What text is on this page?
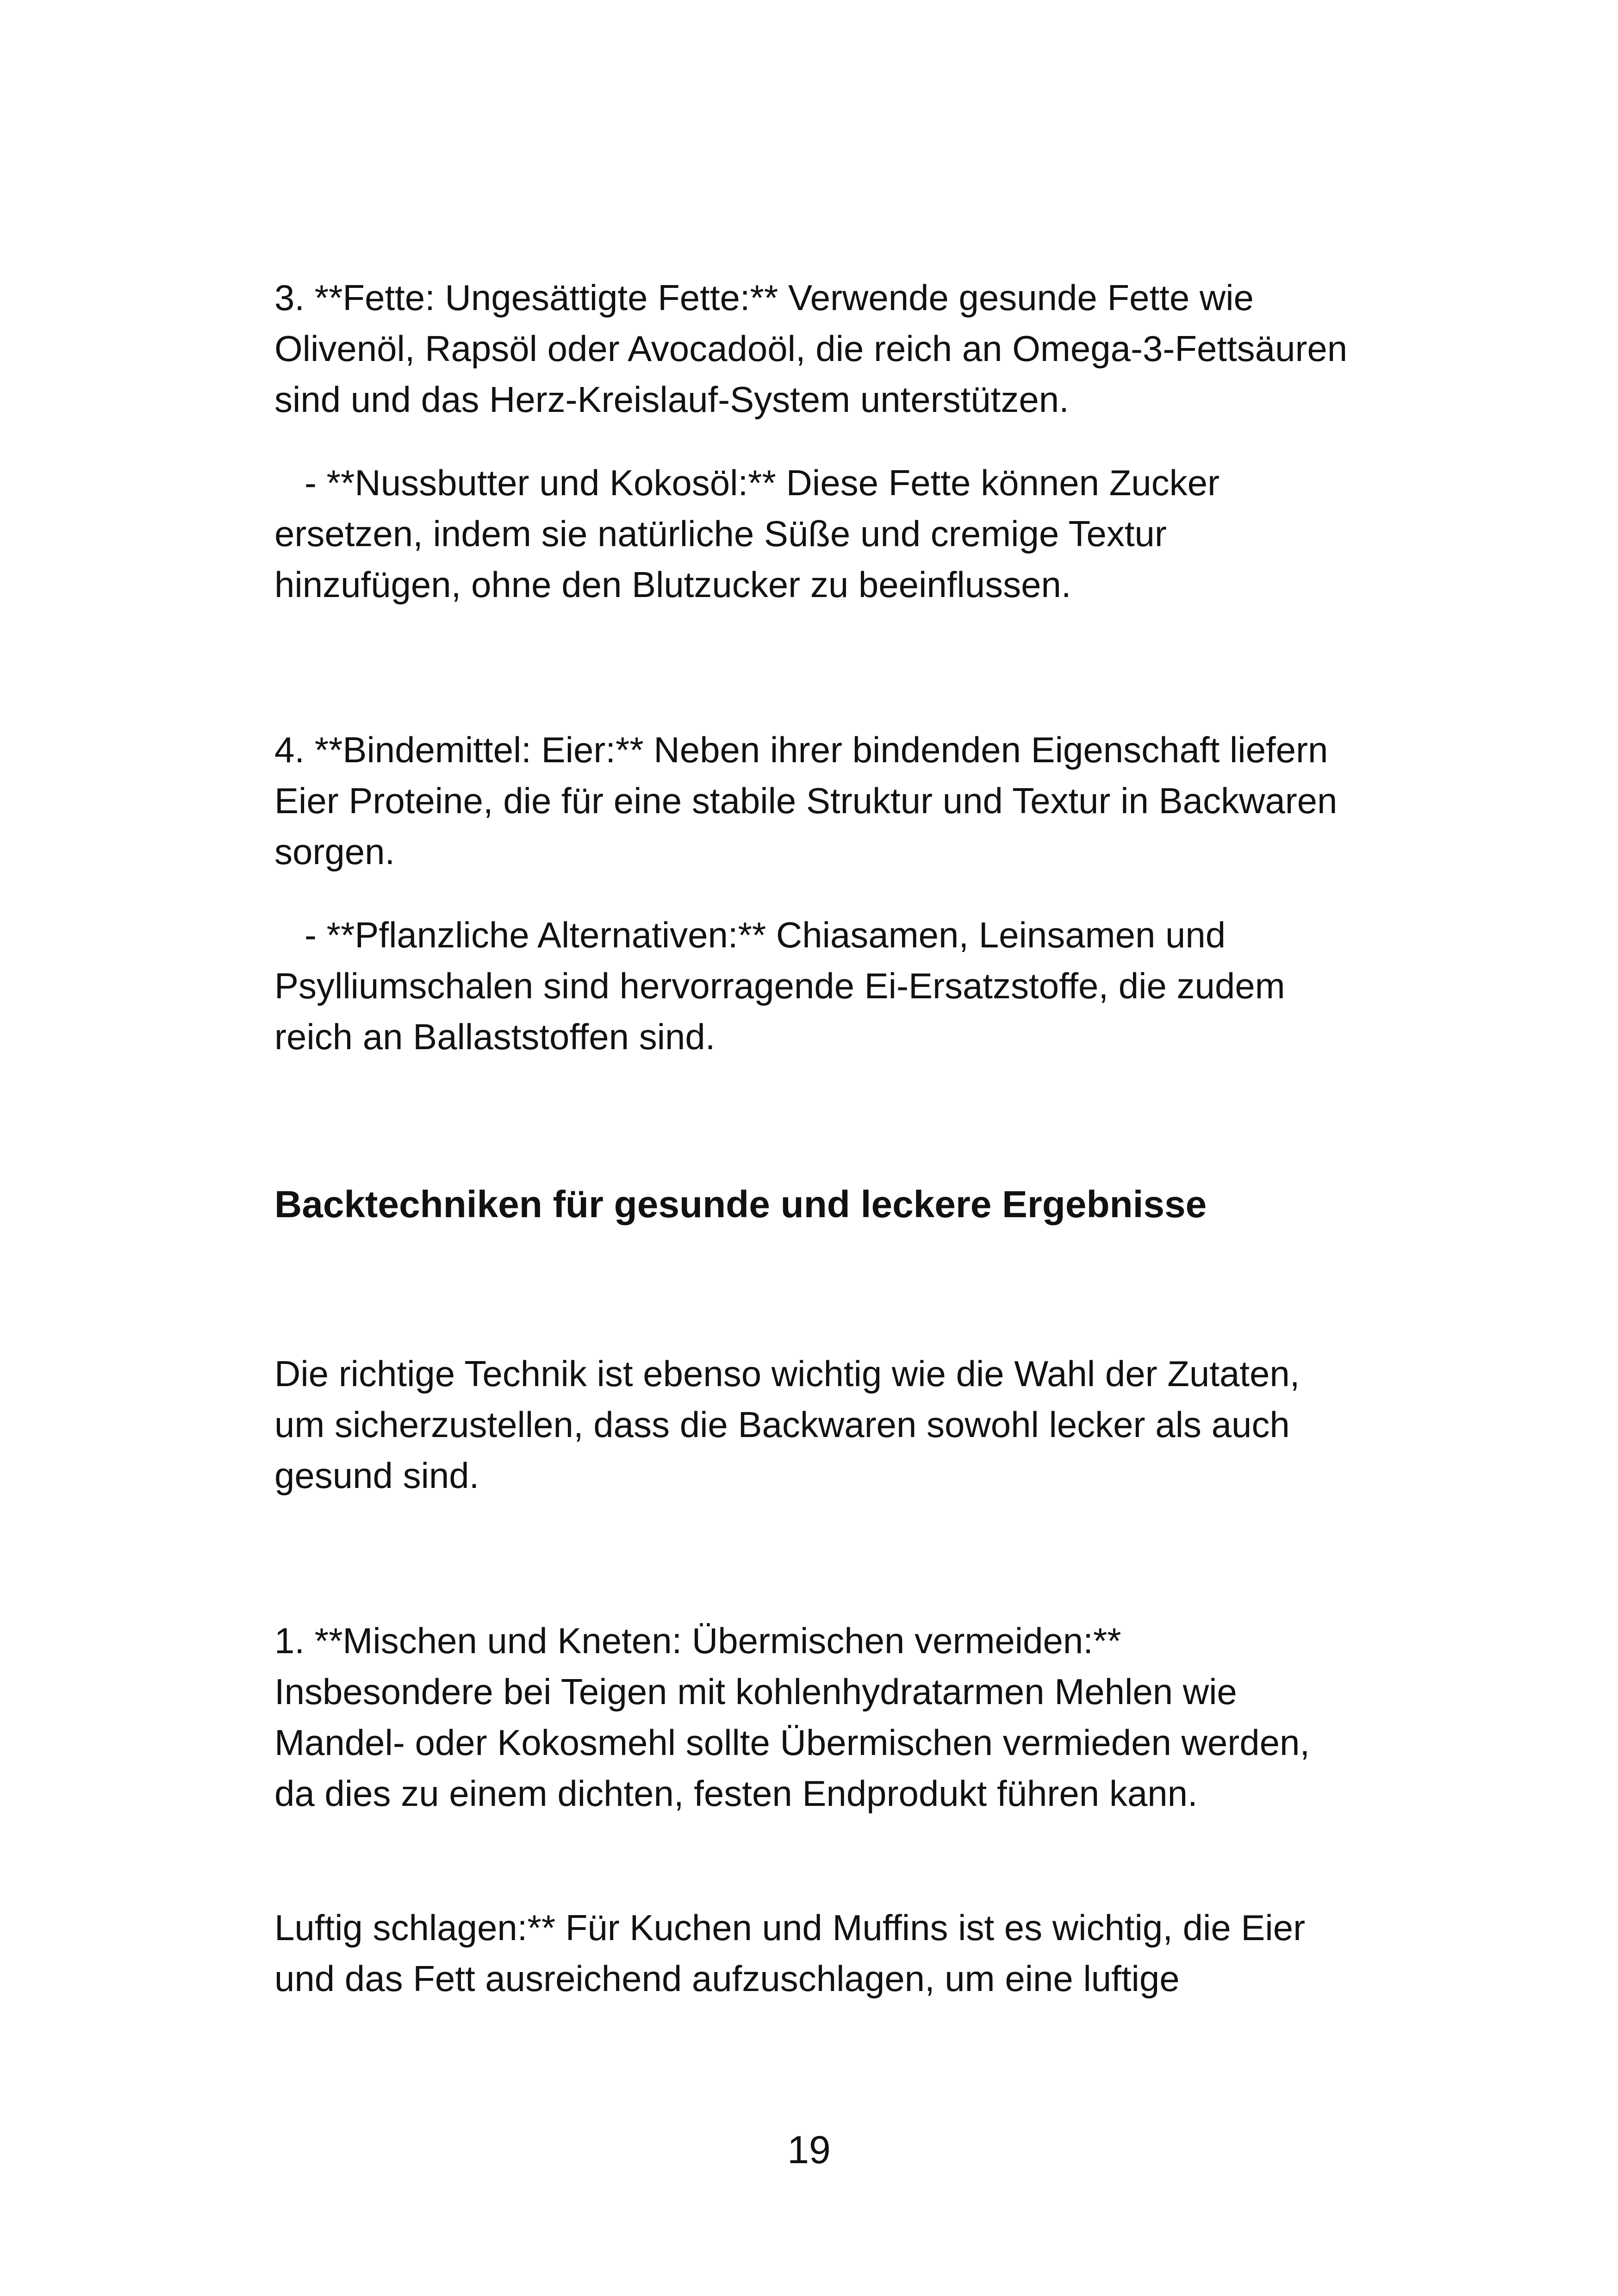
3. **Fette: Ungesättigte Fette:** Verwende gesunde Fette wie Olivenöl, Rapsöl oder Avocadoöl, die reich an Omega-3-Fettsäuren sind und das Herz-Kreislauf-System unterstützen.

- **Nussbutter und Kokosöl:** Diese Fette können Zucker ersetzen, indem sie natürliche Süße und cremige Textur hinzufügen, ohne den Blutzucker zu beeinflussen.

4. **Bindemittel: Eier:** Neben ihrer bindenden Eigenschaft liefern Eier Proteine, die für eine stabile Struktur und Textur in Backwaren sorgen.

- **Pflanzliche Alternativen:** Chiasamen, Leinsamen und Psylliumschalen sind hervorragende Ei-Ersatzstoffe, die zudem reich an Ballaststoffen sind.

Backtechniken für gesunde und leckere Ergebnisse

Die richtige Technik ist ebenso wichtig wie die Wahl der Zutaten, um sicherzustellen, dass die Backwaren sowohl lecker als auch gesund sind.

1. **Mischen und Kneten: Übermischen vermeiden:** Insbesondere bei Teigen mit kohlenhydratarmen Mehlen wie Mandel- oder Kokosmehl sollte Übermischen vermieden werden, da dies zu einem dichten, festen Endprodukt führen kann.

Luftig schlagen:** Für Kuchen und Muffins ist es wichtig, die Eier und das Fett ausreichend aufzuschlagen, um eine luftige

19
